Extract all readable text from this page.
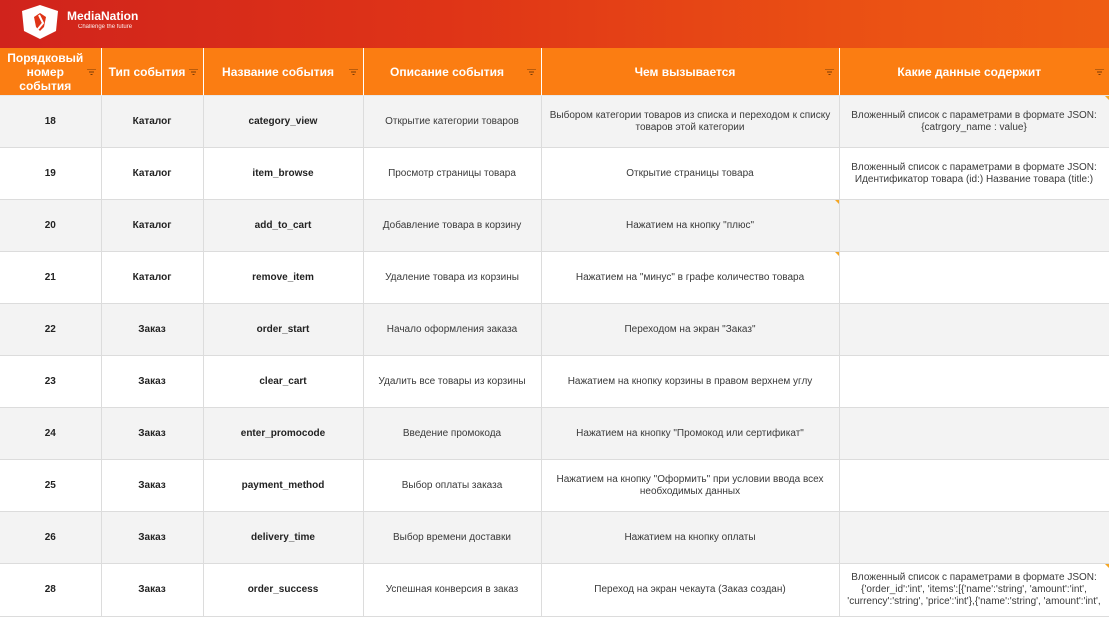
MediaNation
Challenge the future
Порядковый номер события	Тип события	Название события	Описание события	Чем вызывается	Какие данные содержит

18	Каталог	category_view	Открытие категории товаров	Выбором категории товаров из списка и переходом к списку товаров этой категории	Вложенный список с параметрами в формате JSON: {catrgory_name : value}
19	Каталог	item_browse	Просмотр страницы товара	Открытие страницы товара	Вложенный список с параметрами в формате JSON: Идентификатор товара (id:) Название товара (title:)
20	Каталог	add_to_cart	Добавление товара в корзину	Нажатием на кнопку "плюс"	
21	Каталог	remove_item	Удаление товара из корзины	Нажатием на "минус" в графе количество товара	
22	Заказ	order_start	Начало оформления заказа	Переходом на экран "Заказ"	
23	Заказ	clear_cart	Удалить все товары из корзины	Нажатием на кнопку корзины в правом верхнем углу	
24	Заказ	enter_promocode	Введение промокода	Нажатием на кнопку "Промокод или сертификат"	
25	Заказ	payment_method	Выбор оплаты заказа	Нажатием на кнопку "Оформить" при условии ввода всех необходимых данных	
26	Заказ	delivery_time	Выбор времени доставки	Нажатием на кнопку оплаты	
28	Заказ	order_success	Успешная конверсия в заказ	Переход на экран чекаута (Заказ создан)	Вложенный список с параметрами в формате JSON: {'order_id':'int', 'items':[{'name':'string', 'amount':'int', 'currency':'string', 'price':'int'},{'name':'string', 'amount':'int',
